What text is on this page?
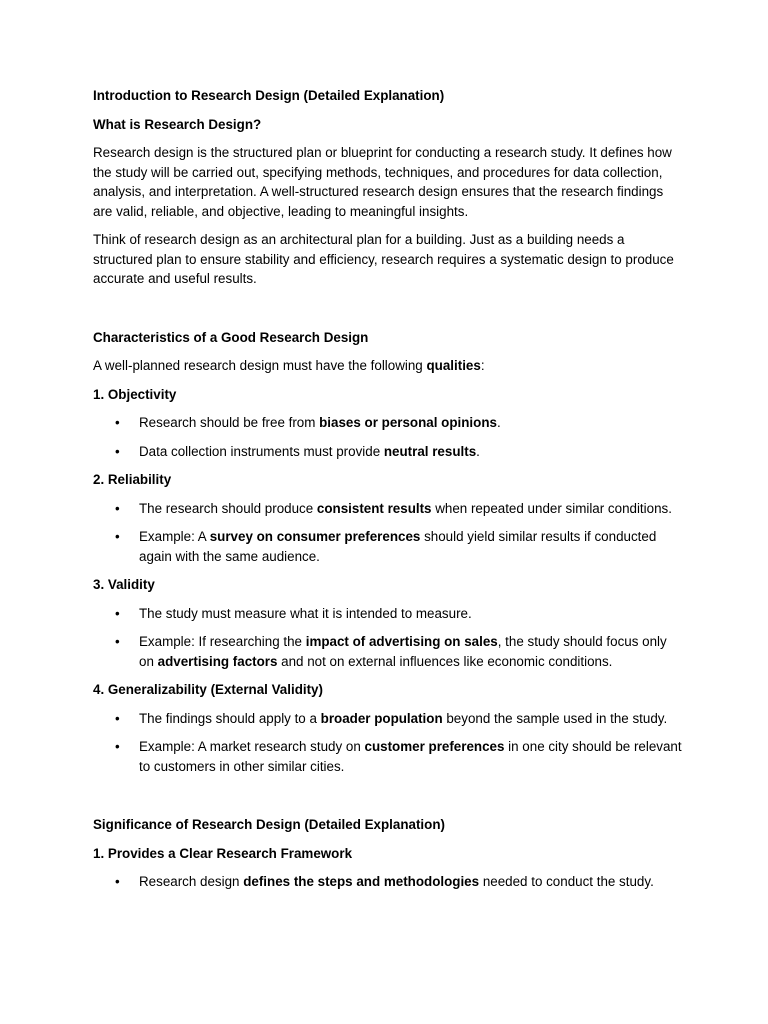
Introduction to Research Design (Detailed Explanation)

What is Research Design?

Research design is the structured plan or blueprint for conducting a research study. It defines how the study will be carried out, specifying methods, techniques, and procedures for data collection, analysis, and interpretation. A well-structured research design ensures that the research findings are valid, reliable, and objective, leading to meaningful insights.

Think of research design as an architectural plan for a building. Just as a building needs a structured plan to ensure stability and efficiency, research requires a systematic design to produce accurate and useful results.

Characteristics of a Good Research Design

A well-planned research design must have the following qualities:

1. Objectivity

• Research should be free from biases or personal opinions.
• Data collection instruments must provide neutral results.

2. Reliability

• The research should produce consistent results when repeated under similar conditions.
• Example: A survey on consumer preferences should yield similar results if conducted again with the same audience.

3. Validity

• The study must measure what it is intended to measure.
• Example: If researching the impact of advertising on sales, the study should focus only on advertising factors and not on external influences like economic conditions.

4. Generalizability (External Validity)

• The findings should apply to a broader population beyond the sample used in the study.
• Example: A market research study on customer preferences in one city should be relevant to customers in other similar cities.

Significance of Research Design (Detailed Explanation)

1. Provides a Clear Research Framework

• Research design defines the steps and methodologies needed to conduct the study.
